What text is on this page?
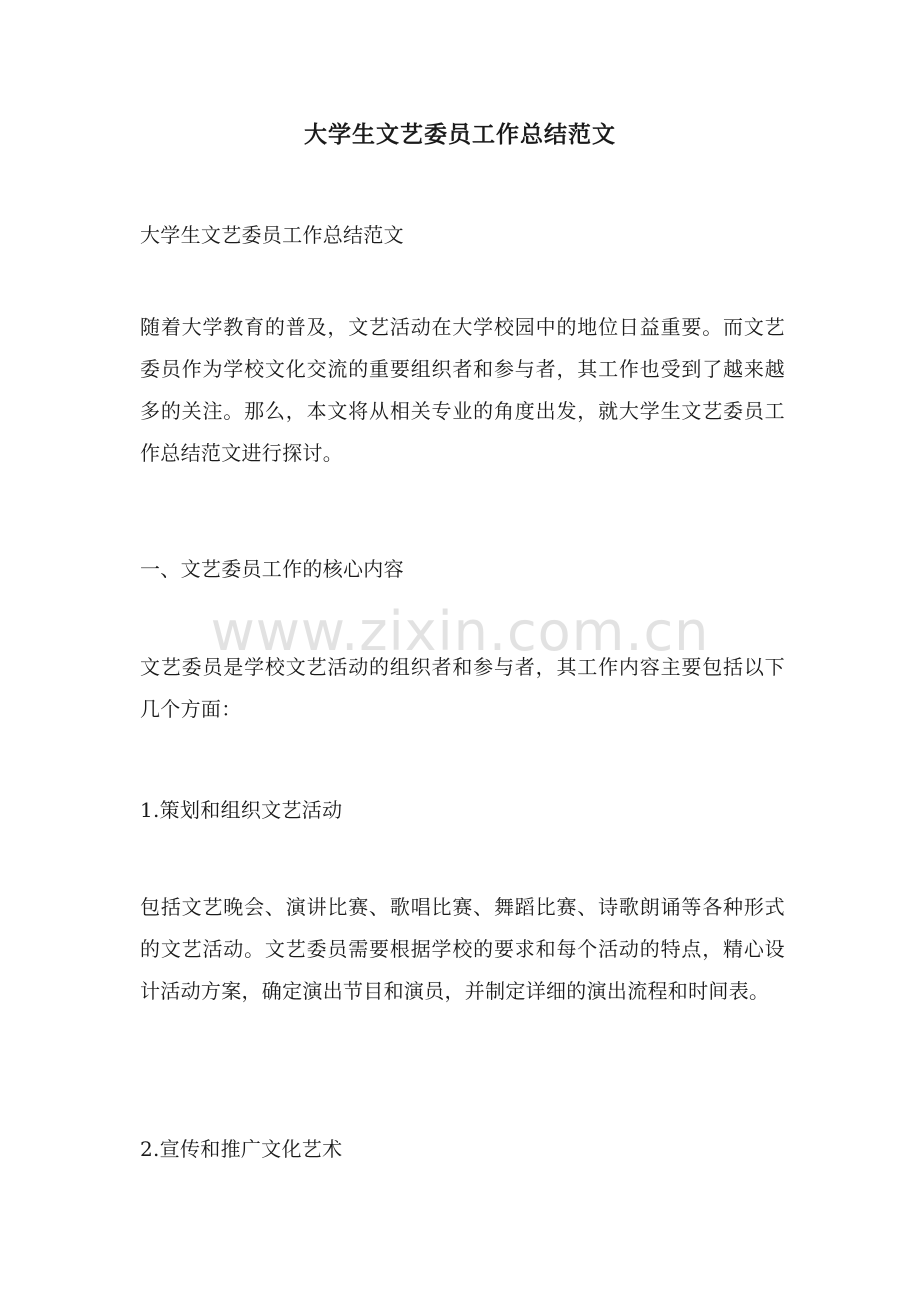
大学生文艺委员工作总结范文

大学生文艺委员工作总结范文

随着大学教育的普及，文艺活动在大学校园中的地位日益重要。而文艺委员作为学校文化交流的重要组织者和参与者，其工作也受到了越来越多的关注。那么，本文将从相关专业的角度出发，就大学生文艺委员工作总结范文进行探讨。

一、文艺委员工作的核心内容

文艺委员是学校文艺活动的组织者和参与者，其工作内容主要包括以下几个方面：

1.策划和组织文艺活动

包括文艺晚会、演讲比赛、歌唱比赛、舞蹈比赛、诗歌朗诵等各种形式的文艺活动。文艺委员需要根据学校的要求和每个活动的特点，精心设计活动方案，确定演出节目和演员，并制定详细的演出流程和时间表。

2.宣传和推广文化艺术

www.zixin.com.cn
